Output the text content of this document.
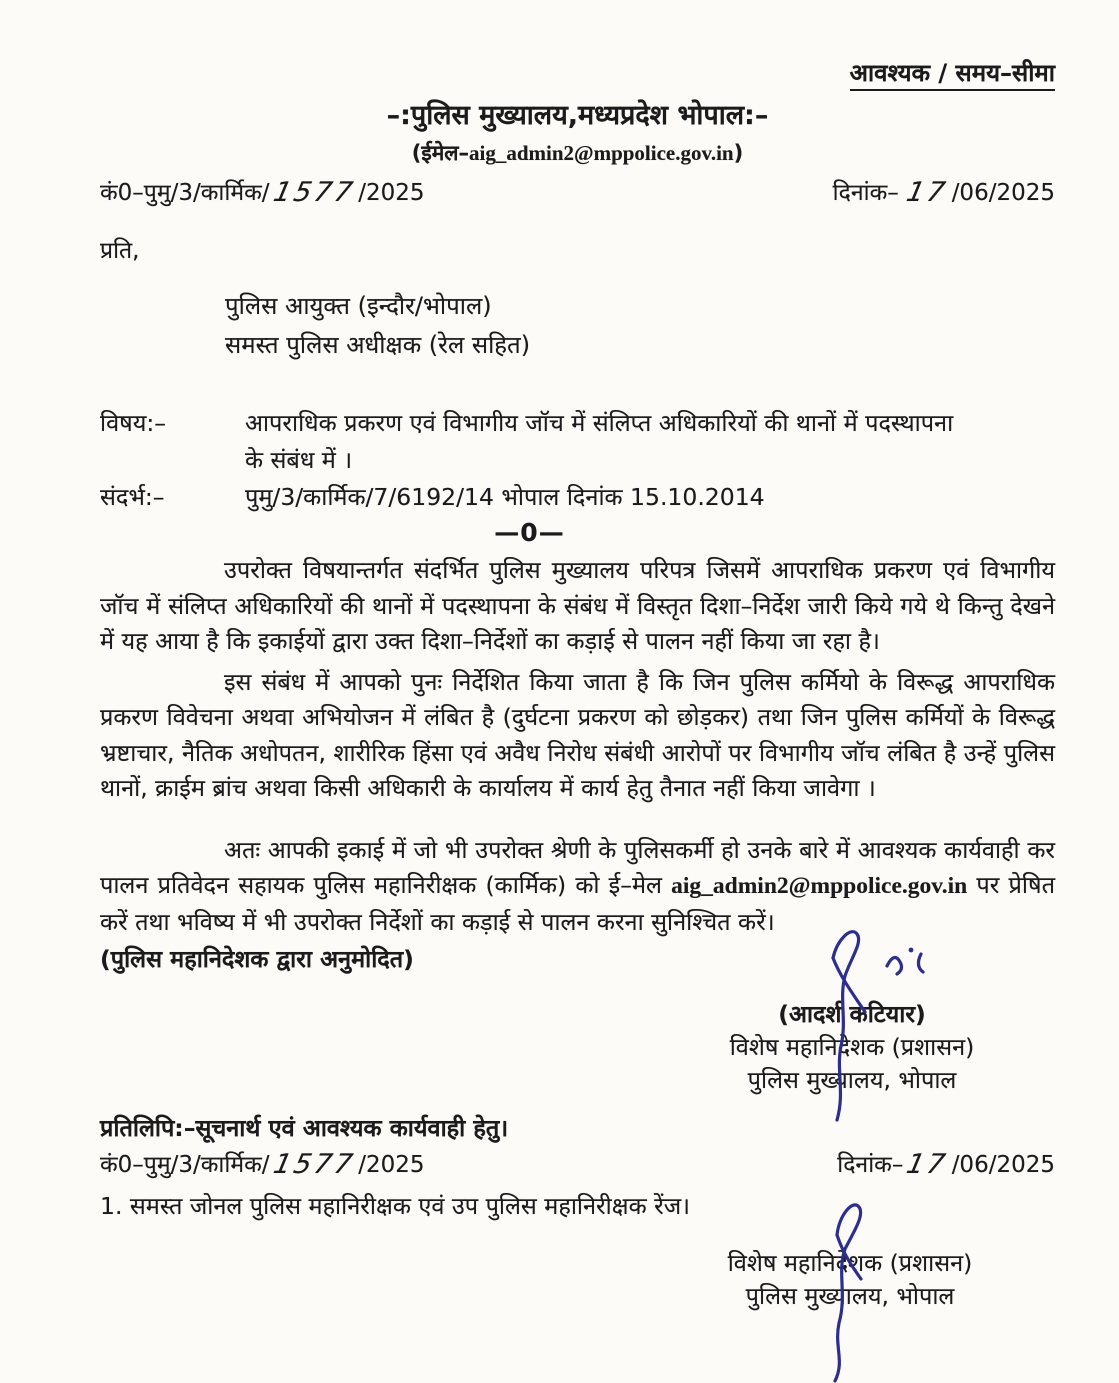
आवश्यक / समय–सीमा
–:पुलिस मुख्यालय,मध्यप्रदेश भोपाल:–
(ईमेल–aig_admin2@mppolice.gov.in)
कं0–पुमु/3/कार्मिक/1577/2025	दिनांक–  17/06/2025
प्रति,
पुलिस आयुक्त (इन्दौर/भोपाल)
समस्त पुलिस अधीक्षक (रेल सहित)
विषय:–	आपराधिक प्रकरण एवं विभागीय जॉच में संलिप्त अधिकारियों की थानों में पदस्थापना के संबंध में ।
संदर्भ:–	पुमु/3/कार्मिक/7/6192/14 भोपाल दिनांक 15.10.2014
—0—

उपरोक्त विषयान्तर्गत संदर्भित पुलिस मुख्यालय परिपत्र जिसमें आपराधिक प्रकरण एवं विभागीय जॉच में संलिप्त अधिकारियों की थानों में पदस्थापना के संबंध में विस्तृत दिशा–निर्देश जारी किये गये थे किन्तु देखने में यह आया है कि इकाईयों द्वारा उक्त दिशा–निर्देशों का कड़ाई से पालन नहीं किया जा रहा है।

इस संबंध में आपको पुनः निर्देशित किया जाता है कि जिन पुलिस कर्मियो के विरूद्ध आपराधिक प्रकरण विवेचना अथवा अभियोजन में लंबित है (दुर्घटना प्रकरण को छोड़कर) तथा जिन पुलिस कर्मियों के विरूद्ध भ्रष्टाचार, नैतिक अधोपतन, शारीरिक हिंसा एवं अवैध निरोध संबंधी आरोपों पर विभागीय जॉच लंबित है उन्हें पुलिस थानों, क्राईम ब्रांच अथवा किसी अधिकारी के कार्यालय में कार्य हेतु तैनात नहीं किया जावेगा ।

अतः आपकी इकाई में जो भी उपरोक्त श्रेणी के पुलिसकर्मी हो उनके बारे में आवश्यक कार्यवाही कर पालन प्रतिवेदन सहायक पुलिस महानिरीक्षक (कार्मिक) को ई–मेल aig_admin2@mppolice.gov.in पर प्रेषित करें तथा भविष्य में भी उपरोक्त निर्देशों का कड़ाई से पालन करना सुनिश्चित करें।

(पुलिस महानिदेशक द्वारा अनुमोदित)
(आदर्श कटियार)
विशेष महानिदेशक (प्रशासन)
पुलिस मुख्यालय, भोपाल
प्रतिलिपि:–सूचनार्थ एवं आवश्यक कार्यवाही हेतु।
कं0–पुमु/3/कार्मिक/1577/2025	दिनांक–17/06/2025
1. समस्त जोनल पुलिस महानिरीक्षक एवं उप पुलिस महानिरीक्षक रेंज।
विशेष महानिदेशक (प्रशासन)
पुलिस मुख्यालय, भोपाल
